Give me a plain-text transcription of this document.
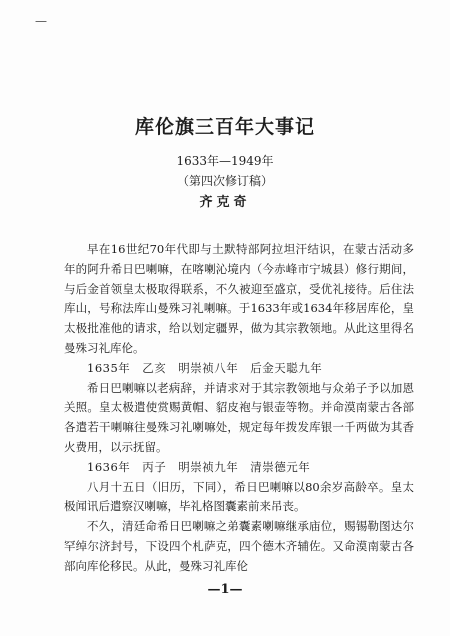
—
库伦旗三百年大事记
1633年—1949年
（第四次修订稿）
齐克奇

早在16世纪70年代即与土默特部阿拉坦汗结识，在蒙古活动多年的阿升希日巴喇嘛，在喀喇沁境内（今赤峰市宁城县）修行期间，与后金首领皇太极取得联系，不久被迎至盛京，受优礼接待。后住法库山，号称法库山曼殊习礼喇嘛。于1633年或1634年移居库伦，皇太极批准他的请求，给以划定疆界，做为其宗教领地。从此这里得名曼殊习礼库伦。

1635年　乙亥　明崇祯八年　后金天聪九年

希日巴喇嘛以老病辞，并请求对于其宗教领地与众弟子予以加恩关照。皇太极遣使赏赐黄帽、貂皮袍与银壶等物。并命漠南蒙古各部各遣若干喇嘛往曼殊习礼喇嘛处，规定每年拨发库银一千两做为其香火费用，以示抚留。

1636年　丙子　明崇祯九年　清崇德元年

八月十五日（旧历，下同），希日巴喇嘛以80余岁高龄卒。皇太极闻讯后遣察汉喇嘛，毕礼格图囊素前来吊丧。

不久，清廷命希日巴喇嘛之弟囊素喇嘛继承庙位，赐锡勒图达尔罕绰尔济封号，下设四个札萨克，四个德木齐辅佐。又命漠南蒙古各部向库伦移民。从此，曼殊习礼库伦

—1—
